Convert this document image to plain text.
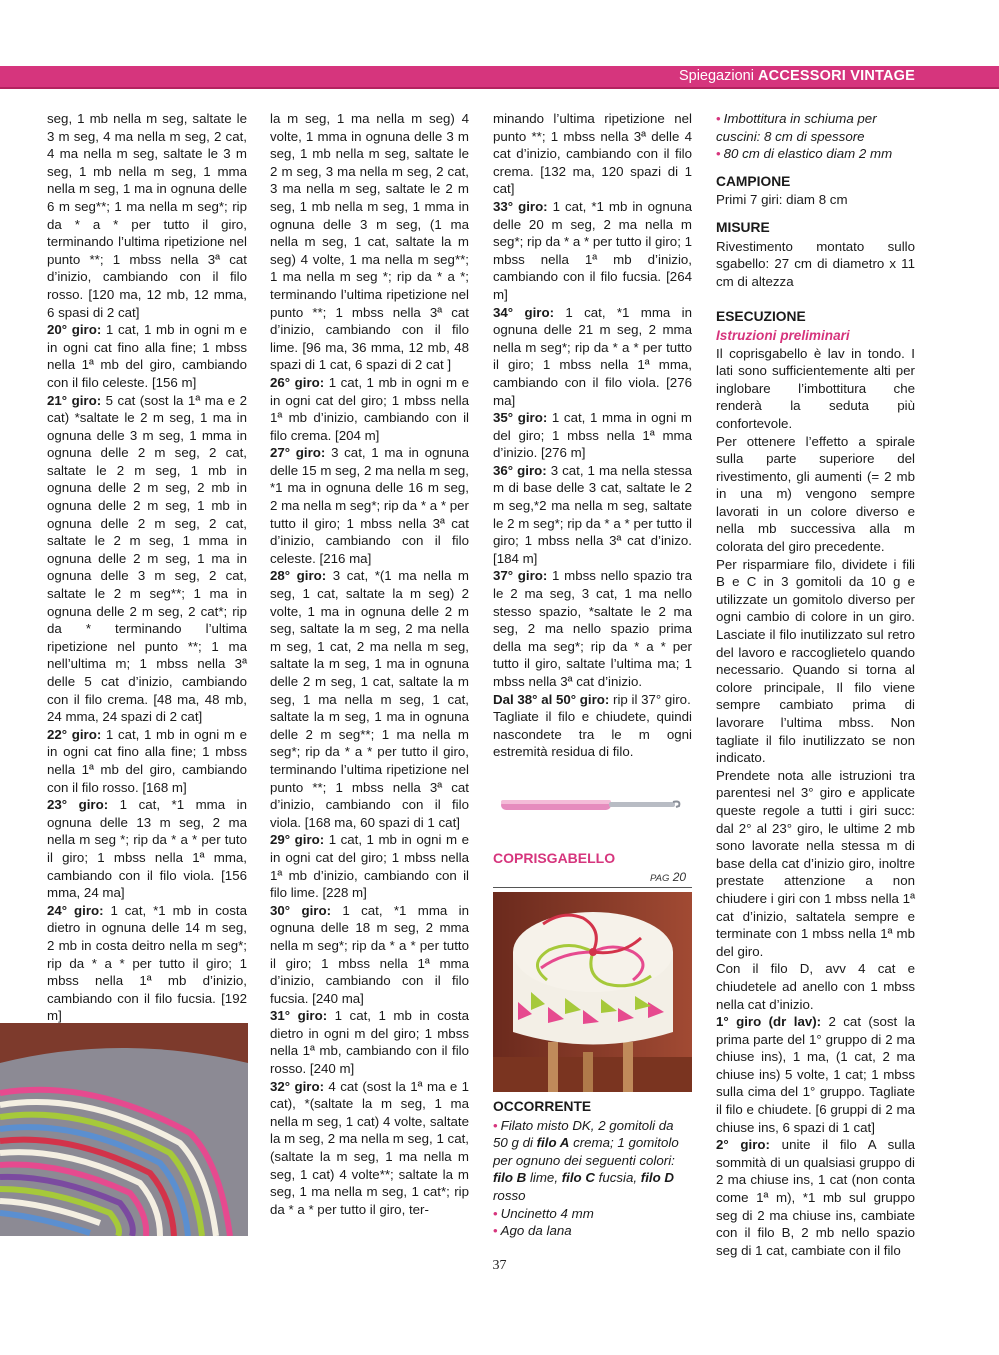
Spiegazioni ACCESSORI VINTAGE

seg, 1 mb nella m seg, saltate le 3 m seg, 4 ma nella m seg, 2 cat, 4 ma nella m seg, saltate le 3 m seg, 1 mb nella m seg, 1 mma nella m seg, 1 ma in ognuna delle 6 m seg**; 1 ma nella m seg*; rip da * a * per tutto il giro, terminando l’ultima ripetizione nel punto **; 1 mbss nella 3ª cat d’inizio, cambiando con il filo rosso. [120 ma, 12 mb, 12 mma, 6 spasi di 2 cat]

20° giro: 1 cat, 1 mb in ogni m e in ogni cat fino alla fine; 1 mbss nella 1ª mb del giro, cambiando con il filo celeste. [156 m]

21° giro: 5 cat (sost la 1ª ma e 2 cat) *saltate le 2 m seg, 1 ma in ognuna delle 3 m seg, 1 mma in ognuna delle 2 m seg, 2 cat, saltate le 2 m seg, 1 mb in ognuna delle 2 m seg, 2 mb in ognuna delle 2 m seg, 1 mb in ognuna delle 2 m seg, 2 cat, saltate le 2 m seg, 1 mma in ognuna delle 2 m seg, 1 ma in ognuna delle 3 m seg, 2 cat, saltate le 2 m seg**; 1 ma in ognuna delle 2 m seg, 2 cat*; rip da * terminando l’ultima ripetizione nel punto **; 1 ma nell’ultima m; 1 mbss nella 3ª delle 5 cat d’inizio, cambiando con il filo crema. [48 ma, 48 mb, 24 mma, 24 spazi di 2 cat]

22° giro: 1 cat, 1 mb in ogni m e in ogni cat fino alla fine; 1 mbss nella 1ª mb del giro, cambiando con il filo rosso. [168 m]

23° giro: 1 cat, *1 mma in ognuna delle 13 m seg, 2 ma nella m seg *; rip da * a * per tuto il giro; 1 mbss nella 1ª mma, cambiando con il filo viola. [156 mma, 24 ma]

24° giro: 1 cat, *1 mb in costa dietro in ognuna delle 14 m seg, 2 mb in costa deitro nella m seg*; rip da * a * per tutto il giro; 1 mbss nella 1ª mb d’inizio, cambiando con il filo fucsia. [192 m]

la m seg, 1 ma nella m seg) 4 volte, 1 mma in ognuna delle 3 m seg, 1 mb nella m seg, saltate le 2 m seg, 3 ma nella m seg, 2 cat, 3 ma nella m seg, saltate le 2 m seg, 1 mb nella m seg, 1 mma in ognuna delle 3 m seg, (1 ma nella m seg, 1 cat, saltate la m seg) 4 volte, 1 ma nella m seg**; 1 ma nella m seg *; rip da * a *; terminando l’ultima ripetizione nel punto **; 1 mbss nella 3ª cat d’inizio, cambiando con il filo lime. [96 ma, 36 mma, 12 mb, 48 spazi di 1 cat, 6 spazi di 2 cat ]

26° giro: 1 cat, 1 mb in ogni m e in ogni cat del giro; 1 mbss nella 1ª mb d’inizio, cambiando con il filo crema. [204 m]

27° giro: 3 cat, 1 ma in ognuna delle 15 m seg, 2 ma nella m seg, *1 ma in ognuna delle 16 m seg, 2 ma nella m seg*; rip da * a * per tutto il giro; 1 mbss nella 3ª cat d’inizio, cambiando con il filo celeste. [216 ma]

28° giro: 3 cat, *(1 ma nella m seg, 1 cat, saltate la m seg) 2 volte, 1 ma in ognuna delle 2 m seg, saltate la m seg, 2 ma nella m seg, 1 cat, 2 ma nella m seg, saltate la m seg, 1 ma in ognuna delle 2 m seg, 1 cat, saltate la m seg, 1 ma nella m seg, 1 cat, saltate la m seg, 1 ma in ognuna delle 2 m seg**; 1 ma nella m seg*; rip da * a * per tutto il giro, terminando l’ultima ripetizione nel punto **; 1 mbss nella 3ª cat d’inizio, cambiando con il filo viola. [168 ma, 60 spazi di 1 cat]

29° giro: 1 cat, 1 mb in ogni m e in ogni cat del giro; 1 mbss nella 1ª mb d’inizio, cambiando con il filo lime. [228 m]

30° giro: 1 cat, *1 mma in ognuna delle 18 m seg, 2 mma nella m seg*; rip da * a * per tutto il giro; 1 mbss nella 1ª mma d’inizio, cambiando con il filo fucsia. [240 ma]

31° giro: 1 cat, 1 mb in costa dietro in ogni m del giro; 1 mbss nella 1ª mb, cambiando con il filo rosso. [240 m]

32° giro: 4 cat (sost la 1ª ma e 1 cat), *(saltate la m seg, 1 ma nella m seg, 1 cat) 4 volte, saltate la m seg, 2 ma nella m seg, 1 cat, (saltate la m seg, 1 ma nella m seg, 1 cat) 4 volte**; saltate la m seg, 1 ma nella m seg, 1 cat*; rip da * a * per tutto il giro, ter-

minando l’ultima ripetizione nel punto **; 1 mbss nella 3ª delle 4 cat d’inizio, cambiando con il filo crema. [132 ma, 120 spazi di 1 cat]

33° giro: 1 cat, *1 mb in ognuna delle 20 m seg, 2 ma nella m seg*; rip da * a * per tutto il giro; 1 mbss nella 1ª mb d’inizio, cambiando con il filo fucsia. [264 m]

34° giro: 1 cat, *1 mma in ognuna delle 21 m seg, 2 mma nella m seg*; rip da * a * per tutto il giro; 1 mbss nella 1ª mma, cambiando con il filo viola. [276 ma]

35° giro: 1 cat, 1 mma in ogni m del giro; 1 mbss nella 1ª mma d’inizio. [276 m]

36° giro: 3 cat, 1 ma nella stessa m di base delle 3 cat, saltate le 2 m seg,*2 ma nella m seg, saltate le 2 m seg*; rip da * a * per tutto il giro; 1 mbss nella 3ª cat d’inizo. [184 m]

37° giro: 1 mbss nello spazio tra le 2 ma seg, 3 cat, 1 ma nello stesso spazio, *saltate le 2 ma seg, 2 ma nello spazio prima della ma seg*; rip da * a * per tutto il giro, saltate l’ultima ma; 1 mbss nella 3ª cat d’inizio.

Dal 38° al 50° giro: rip il 37° giro.

Tagliate il filo e chiudete, quindi nascondete tra le m ogni estremità residua di filo.

COPRISGABELLO
PAG 20
OCCORRENTE
• Filato misto DK, 2 gomitoli da 50 g di filo A crema; 1 gomitolo per ognuno dei seguenti colori: filo B lime, filo C fucsia, filo D rosso
• Uncinetto 4 mm
• Ago da lana
• Imbottitura in schiuma per cuscini: 8 cm di spessore
• 80 cm di elastico diam 2 mm
CAMPIONE

Primi 7 giri: diam 8 cm

MISURE

Rivestimento montato sullo sgabello: 27 cm di diametro x 11 cm di altezza

ESECUZIONE
Istruzioni preliminari

Il coprisgabello è lav in tondo. I lati sono sufficientemente alti per inglobare l’imbottitura che renderà la seduta più confortevole.

Per ottenere l’effetto a spirale sulla parte superiore del rivestimento, gli aumenti (= 2 mb in una m) vengono sempre lavorati in un colore diverso e nella mb successiva alla m colorata del giro precedente.

Per risparmiare filo, dividete i fili B e C in 3 gomitoli da 10 g e utilizzate un gomitolo diverso per ogni cambio di colore in un giro. Lasciate il filo inutilizzato sul retro del lavoro e raccoglietelo quando necessario. Quando si torna al colore principale, Il filo viene sempre cambiato prima di lavorare l’ultima mbss. Non tagliate il filo inutilizzato se non indicato.

Prendete nota alle istruzioni tra parentesi nel 3° giro e applicate queste regole a tutti i giri succ: dal 2° al 23° giro, le ultime 2 mb sono lavorate nella stessa m di base della cat d’inizio giro, inoltre prestate attenzione a non chiudere i giri con 1 mbss nella 1ª cat d’inizio, saltatela sempre e terminate con 1 mbss nella 1ª mb del giro.

Con il filo D, avv 4 cat e chiudetele ad anello con 1 mbss nella cat d’inizio.

1° giro (dr lav): 2 cat (sost la prima parte del 1° gruppo di 2 ma chiuse ins), 1 ma, (1 cat, 2 ma chiuse ins) 5 volte, 1 cat; 1 mbss sulla cima del 1° gruppo. Tagliate il filo e chiudete. [6 gruppi di 2 ma chiuse ins, 6 spazi di 1 cat]

2° giro: unite il filo A sulla sommità di un qualsiasi gruppo di 2 ma chiuse ins, 1 cat (non conta come 1ª m), *1 mb sul gruppo seg di 2 ma chiuse ins, cambiate con il filo B, 2 mb nello spazio seg di 1 cat, cambiate con il filo

37
